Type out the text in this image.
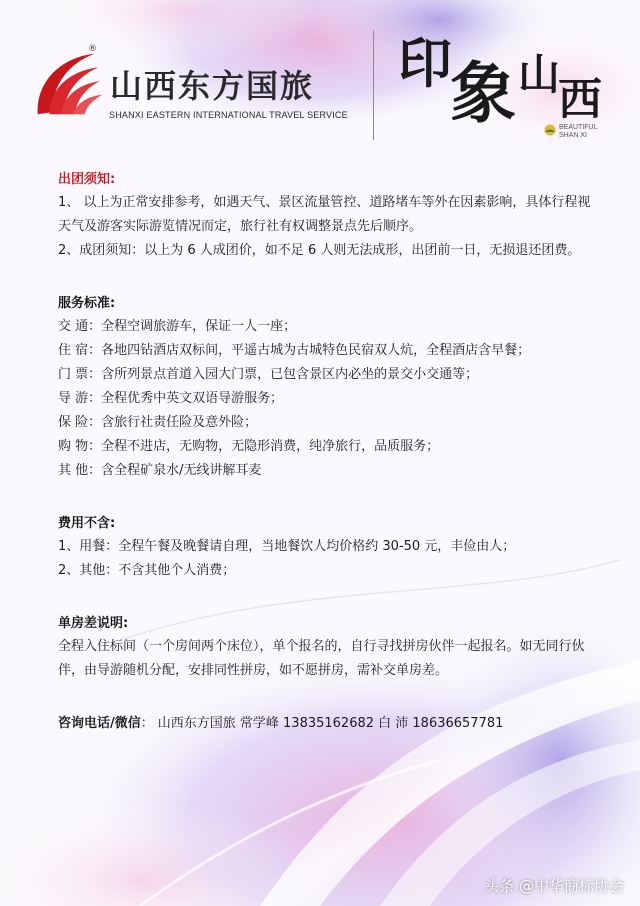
®
山西东方国旅
SHANXI EASTERN INTERNATIONAL TRAVEL SERVICE
印
象 山
西
BEAUTIFUL
SHAN XI
出团须知:

1、 以上为正常安排参考，如遇天气、景区流量管控、道路堵车等外在因素影响，具体行程视天气及游客实际游览情况而定，旅行社有权调整景点先后顺序。

2、成团须知：以上为 6 人成团价，如不足 6 人则无法成形，出团前一日，无损退还团费。

服务标准:

交 通：全程空调旅游车，保证一人一座；

住 宿：各地四钻酒店双标间，平遥古城为古城特色民宿双人炕，全程酒店含早餐；

门 票：含所列景点首道入园大门票，已包含景区内必坐的景交小交通等；

导 游：全程优秀中英文双语导游服务；

保 险：含旅行社责任险及意外险；

购 物：全程不进店，无购物，无隐形消费，纯净旅行，品质服务；

其 他：含全程矿泉水/无线讲解耳麦

费用不含:

1、用餐：全程午餐及晚餐请自理，当地餐饮人均价格约 30-50 元，丰俭由人；

2、其他：不含其他个人消费；

单房差说明:

全程入住标间（一个房间两个床位），单个报名的，自行寻找拼房伙伴一起报名。如无同行伙伴，由导游随机分配，安排同性拼房，如不愿拼房，需补交单房差。

咨询电话/微信： 山西东方国旅 常学峰 13835162682 白 沛 18636657781

头条 @中华商标协会
